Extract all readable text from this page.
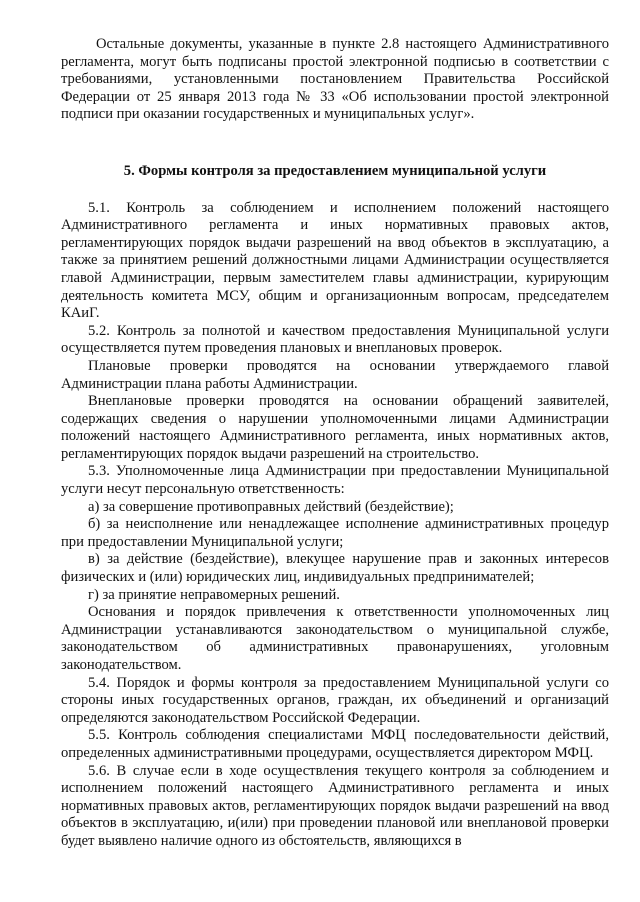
Остальные документы, указанные в пункте 2.8 настоящего Административного регламента, могут быть подписаны простой электронной подписью в соответствии с требованиями, установленными постановлением Правительства Российской Федерации от 25 января 2013 года № 33 «Об использовании простой электронной подписи при оказании государственных и муниципальных услуг».

5. Формы контроля за предоставлением муниципальной услуги

5.1. Контроль за соблюдением и исполнением положений настоящего Административного регламента и иных нормативных правовых актов, регламентирующих порядок выдачи разрешений на ввод объектов в эксплуатацию, а также за принятием решений должностными лицами Администрации осуществляется главой Администрации, первым заместителем главы администрации, курирующим деятельность комитета МСУ, общим и организационным вопросам, председателем КАиГ.

5.2. Контроль за полнотой и качеством предоставления Муниципальной услуги осуществляется путем проведения плановых и внеплановых проверок.

Плановые проверки проводятся на основании утверждаемого главой Администрации плана работы Администрации.

Внеплановые проверки проводятся на основании обращений заявителей, содержащих сведения о нарушении уполномоченными лицами Администрации положений настоящего Административного регламента, иных нормативных актов, регламентирующих порядок выдачи разрешений на строительство.

5.3. Уполномоченные лица Администрации при предоставлении Муниципальной услуги несут персональную ответственность:

а) за совершение противоправных действий (бездействие);

б) за неисполнение или ненадлежащее исполнение административных процедур при предоставлении Муниципальной услуги;

в) за действие (бездействие), влекущее нарушение прав и законных интересов физических и (или) юридических лиц, индивидуальных предпринимателей;

г) за принятие неправомерных решений.

Основания и порядок привлечения к ответственности уполномоченных лиц Администрации устанавливаются законодательством о муниципальной службе, законодательством об административных правонарушениях, уголовным законодательством.

5.4. Порядок и формы контроля за предоставлением Муниципальной услуги со стороны иных государственных органов, граждан, их объединений и организаций определяются законодательством Российской Федерации.

5.5. Контроль соблюдения специалистами МФЦ последовательности действий, определенных административными процедурами, осуществляется директором МФЦ.

5.6. В случае если в ходе осуществления текущего контроля за соблюдением и исполнением положений настоящего Административного регламента и иных нормативных правовых актов, регламентирующих порядок выдачи разрешений на ввод объектов в эксплуатацию, и(или) при проведении плановой или внеплановой проверки будет выявлено наличие одного из обстоятельств, являющихся в
